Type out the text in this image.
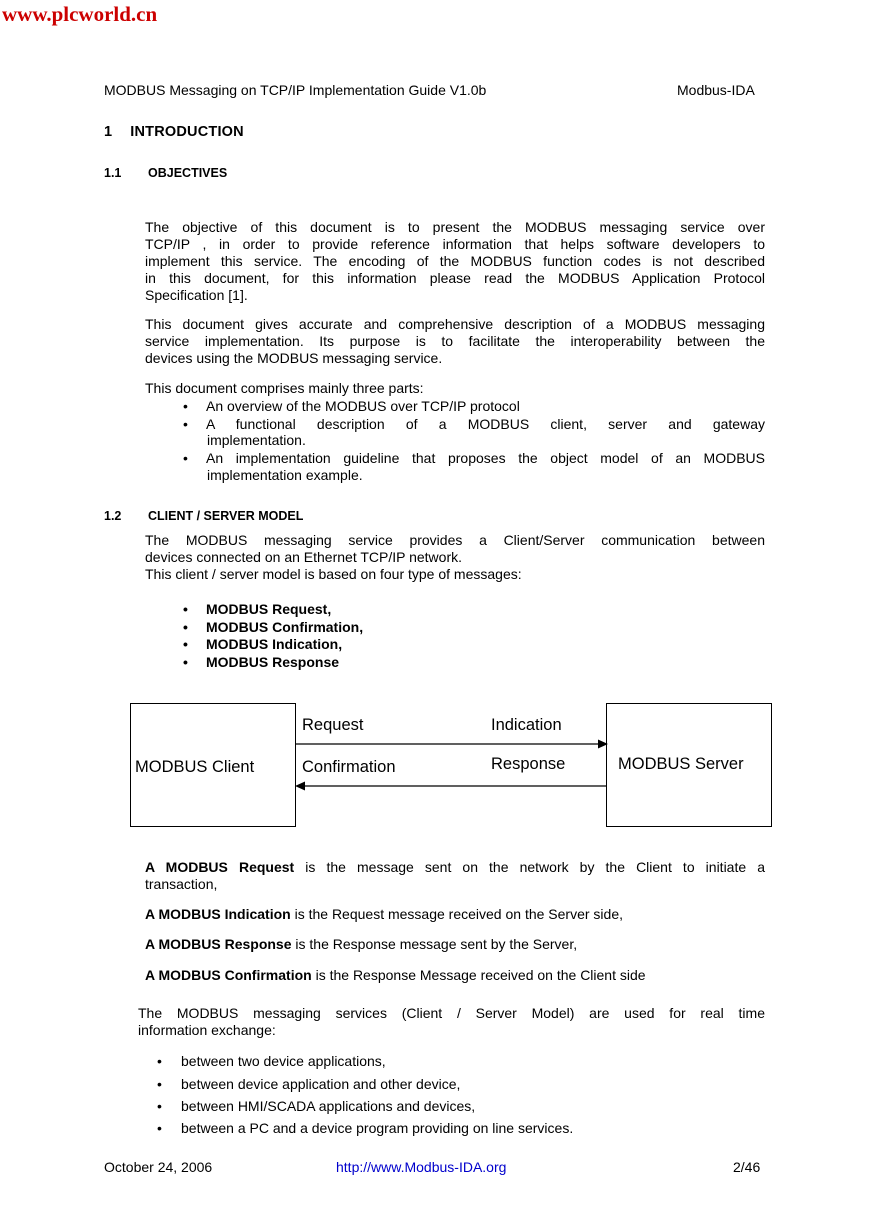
www.plcworld.cn
MODBUS Messaging on TCP/IP Implementation Guide V1.0b	Modbus-IDA
1 INTRODUCTION
1.1 OBJECTIVES
The objective of this document is to present the MODBUS messaging service over
TCP/IP , in order to provide reference information that helps software developers to
implement this service. The encoding of the MODBUS function codes is not described
in this document, for this information please read the MODBUS Application Protocol
Specification [1].
This document gives accurate and comprehensive description of a MODBUS messaging
service implementation. Its purpose is to facilitate the interoperability between the
devices using the MODBUS messaging service.
This document comprises mainly three parts:
• An overview of the MODBUS over TCP/IP protocol
• A functional description of a MODBUS client, server and gateway
implementation.
• An implementation guideline that proposes the object model of an MODBUS
implementation example.
1.2 CLIENT / SERVER MODEL
The MODBUS messaging service provides a Client/Server communication between
devices connected on an Ethernet TCP/IP network.
This client / server model is based on four type of messages:
• MODBUS Request,
• MODBUS Confirmation,
• MODBUS Indication,
• MODBUS Response
MODBUS Client	MODBUS Server
Request	Indication
Confirmation	Response
A MODBUS Request is the message sent on the network by the Client to initiate a
transaction,
A MODBUS Indication is the Request message received on the Server side,
A MODBUS Response is the Response message sent by the Server,
A MODBUS Confirmation is the Response Message received on the Client side
The MODBUS messaging services (Client / Server Model) are used for real time
information exchange:
• between two device applications,
• between device application and other device,
• between HMI/SCADA applications and devices,
• between a PC and a device program providing on line services.
October 24, 2006	http://www.Modbus-IDA.org	2/46
